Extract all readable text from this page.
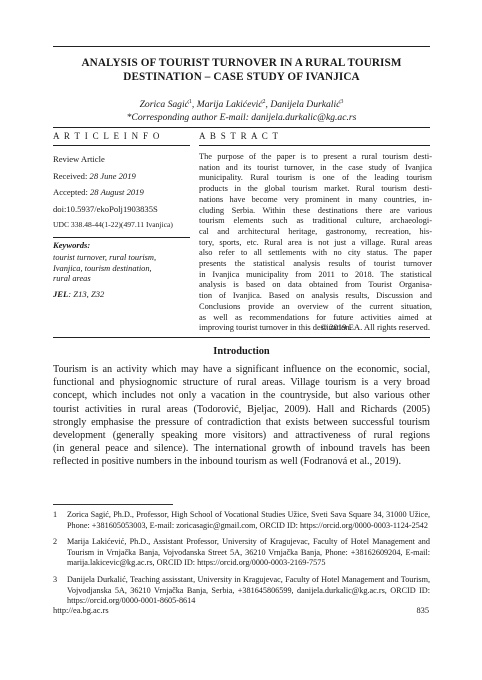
ANALYSIS OF TOURIST TURNOVER IN A RURAL TOURISM
DESTINATION – CASE STUDY OF IVANJICA
Zorica Sagić$^1$, Marija Lakićević$^2$, Danijela Durkalić$^3$
*Corresponding author E-mail: danijela.durkalic@kg.ac.rs
A R T I C L E I N F O
Review Article
Received: 28 June 2019
Accepted: 28 August 2019
doi:10.5937/ekoPolj1903835S
UDC 338.48-44(1-22)(497.11 Ivanjica)
Keywords:
tourist turnover, rural tourism,
Ivanjica, tourism destination,
rural areas
JEL: Z13, Z32
A B S T R A C T
The purpose of the paper is to present a rural tourism desti-
nation and its tourist turnover, in the case study of Ivanjica
municipality. Rural tourism is one of the leading tourism
products in the global tourism market. Rural tourism desti-
nations have become very prominent in many countries, in-
cluding Serbia. Within these destinations there are various
tourism elements such as traditional culture, archaeologi-
cal and architectural heritage, gastronomy, recreation, his-
tory, sports, etc. Rural area is not just a village. Rural areas
also refer to all settlements with no city status. The paper
presents the statistical analysis results of tourist turnover
in Ivanjica municipality from 2011 to 2018. The statistical
analysis is based on data obtained from Tourist Organisa-
tion of Ivanjica. Based on analysis results, Discussion and
Conclusions provide an overview of the current situation,
as well as recommendations for future activities aimed at
improving tourist turnover in this destination.
© 2019 EA. All rights reserved.
Introduction
Tourism is an activity which may have a significant influence on the economic, social,
functional and physiognomic structure of rural areas. Village tourism is a very broad
concept, which includes not only a vacation in the countryside, but also various other
tourist activities in rural areas (Todorović, Bjeljac, 2009). Hall and Richards (2005)
strongly emphasise the pressure of contradiction that exists between successful tourism
development (generally speaking more visitors) and attractiveness of rural regions
(in general peace and silence). The international growth of inbound travels has been
reflected in positive numbers in the inbound tourism as well (Fodranová et al., 2019).
1	Zorica Sagić, Ph.D., Professor, High School of Vocational Studies Užice, Sveti Sava Square 34, 31000 Užice, Phone: +381605053003, E-mail: zoricasagic@gmail.com, ORCID ID: https://orcid.org/0000-0003-1124-2542
2	Marija Lakićević, Ph.D., Assistant Professor, University of Kragujevac, Faculty of Hotel Management and Tourism in Vrnjačka Banja, Vojvođanska Street 5A, 36210 Vrnjačka Banja, Phone: +38162609204, E-mail: marija.lakicevic@kg.ac.rs, ORCID ID: https://orcid.org/0000-0003-2169-7575
3	Danijela Durkalić, Teaching assisstant, University in Kragujevac, Faculty of Hotel Management and Tourism, Vojvodjanska 5A, 36210 Vrnjačka Banja, Serbia, +381645806599, danijela.durkalic@kg.ac.rs, ORCID ID: https://orcid.org/0000-0001-8605-8614
http://ea.bg.ac.rs	835
